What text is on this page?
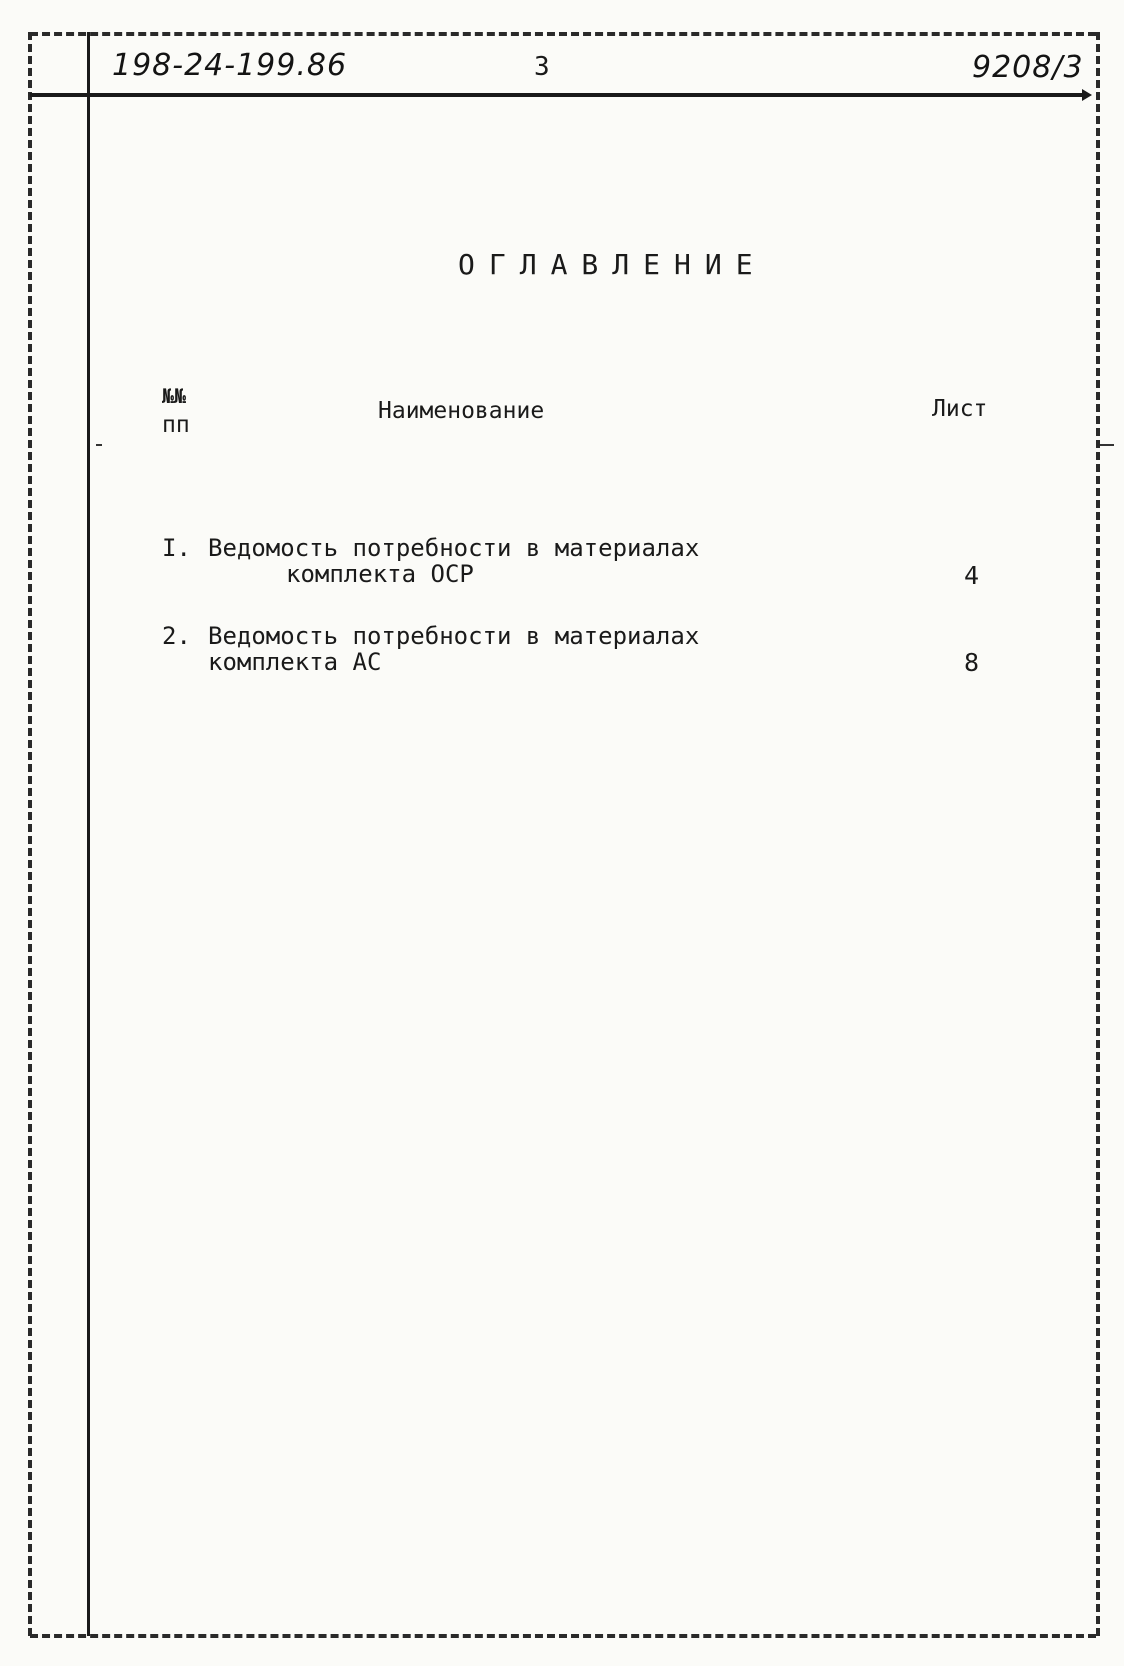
198-24-199.86	3	9208/3
ОГЛАВЛЕНИЕ
№№
пп
Наименование	Лист
I. Ведомость потребности в материалах
комплекта ОСР	4
2. Ведомость потребности в материалах
комплекта АС	8
